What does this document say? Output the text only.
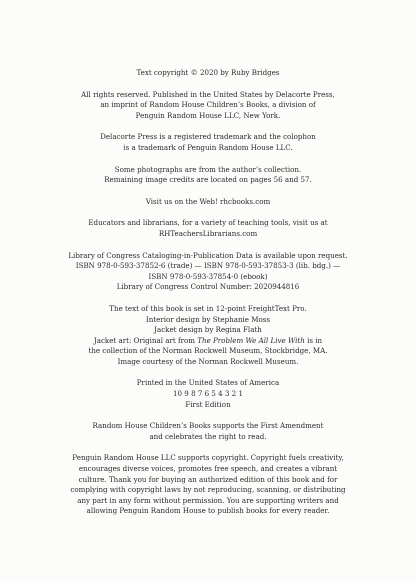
Text copyright © 2020 by Ruby Bridges

All rights reserved. Published in the United States by Delacorte Press,
an imprint of Random House Children’s Books, a division of
Penguin Random House LLC, New York.

Delacorte Press is a registered trademark and the colophon
is a trademark of Penguin Random House LLC.

Some photographs are from the author’s collection.
Remaining image credits are located on pages 56 and 57.

Visit us on the Web! rhcbooks.com

Educators and librarians, for a variety of teaching tools, visit us at
RHTeachersLibrarians.com

Library of Congress Cataloging-in-Publication Data is available upon request.
ISBN 978-0-593-37852-6 (trade) — ISBN 978-0-593-37853-3 (lib. bdg.) —
ISBN 978-0-593-37854-0 (ebook)
Library of Congress Control Number: 2020944816

The text of this book is set in 12-point FreightText Pro.
Interior design by Stephanie Moss
Jacket design by Regina Flath
Jacket art: Original art from The Problem We All Live With is in
the collection of the Norman Rockwell Museum, Stockbridge, MA.
Image courtesy of the Norman Rockwell Museum.

Printed in the United States of America
10 9 8 7 6 5 4 3 2 1
First Edition

Random House Children’s Books supports the First Amendment
and celebrates the right to read.

Penguin Random House LLC supports copyright. Copyright fuels creativity,
encourages diverse voices, promotes free speech, and creates a vibrant
culture. Thank you for buying an authorized edition of this book and for
complying with copyright laws by not reproducing, scanning, or distributing
any part in any form without permission. You are supporting writers and
allowing Penguin Random House to publish books for every reader.
